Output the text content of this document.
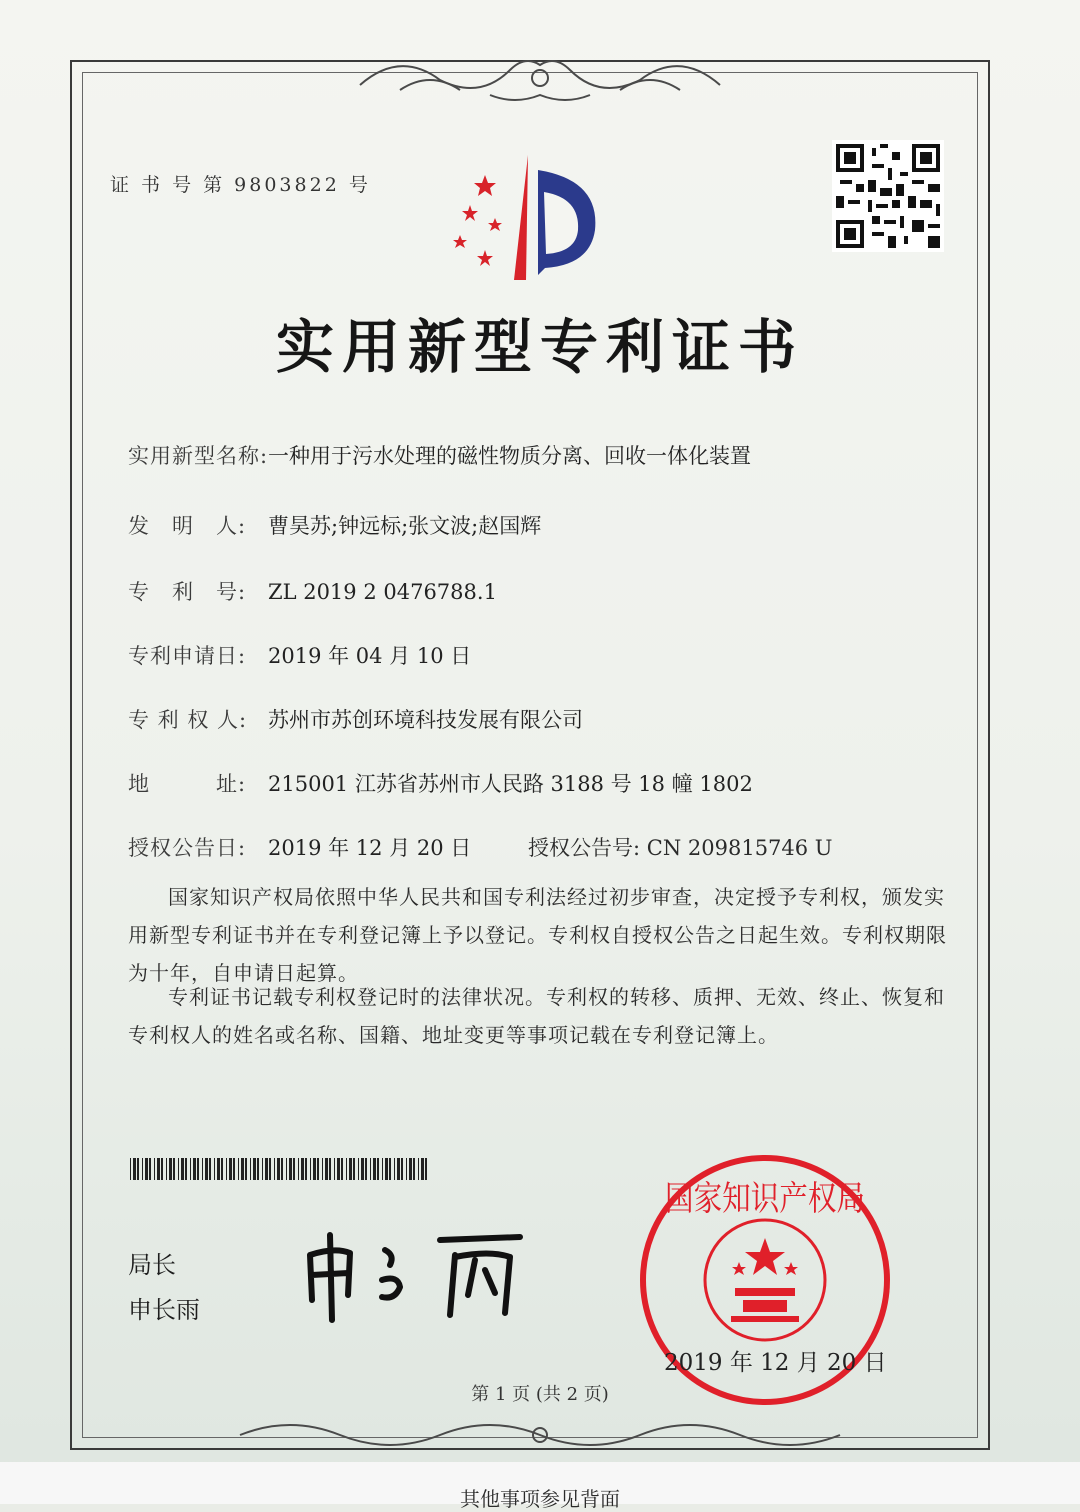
证 书 号 第 9803822 号
实用新型专利证书
实用新型名称:一种用于污水处理的磁性物质分离、回收一体化装置
发　明　人: 曹昊苏;钟远标;张文波;赵国辉
专　利　号: ZL 2019 2 0476788.1
专利申请日: 2019 年 04 月 10 日
专 利 权 人: 苏州市苏创环境科技发展有限公司
地　　　址: 215001 江苏省苏州市人民路 3188 号 18 幢 1802
授权公告日: 2019 年 12 月 20 日	授权公告号: CN 209815746 U
国家知识产权局依照中华人民共和国专利法经过初步审查，决定授予专利权，颁发实用新型专利证书并在专利登记簿上予以登记。专利权自授权公告之日起生效。专利权期限为十年，自申请日起算。
专利证书记载专利权登记时的法律状况。专利权的转移、质押、无效、终止、恢复和专利权人的姓名或名称、国籍、地址变更等事项记载在专利登记簿上。
局长
申长雨
国家知识产权局
2019 年 12 月 20 日
第 1 页 (共 2 页)
其他事项参见背面
